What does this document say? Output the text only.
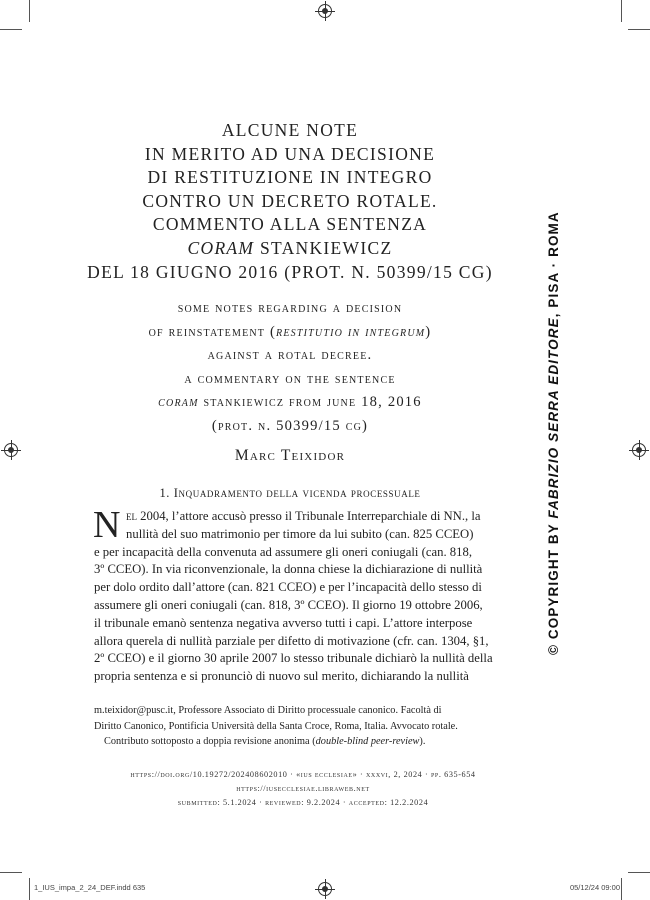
ALCUNE NOTE
IN MERITO AD UNA DECISIONE
DI RESTITUZIONE IN INTEGRO
CONTRO UN DECRETO ROTALE.
COMMENTO ALLA SENTENZA
CORAM STANKIEWICZ
DEL 18 GIUGNO 2016 (PROT. N. 50399/15 CG)
some notes regarding a decision
of reinstatement (restitutio in integrum)
against a rotal decree.
a commentary on the sentence
coram stankiewicz from june 18, 2016
(prot. n. 50399/15 cg)
Marc Teixidor
1. Inquadramento della vicenda processuale
N el 2004, l’attore accusò presso il Tribunale Interreparchiale di NN., la
nullità del suo matrimonio per timore da lui subito (can. 825 CCEO)
e per incapacità della convenuta ad assumere gli oneri coniugali (can. 818,
3º CCEO). In via riconvenzionale, la donna chiese la dichiarazione di nullità
per dolo ordito dall’attore (can. 821 CCEO) e per l’incapacità dello stesso di
assumere gli oneri coniugali (can. 818, 3º CCEO). Il giorno 19 ottobre 2006,
il tribunale emanò sentenza negativa avverso tutti i capi. L’attore interpose
allora querela di nullità parziale per difetto di motivazione (cfr. can. 1304, §1,
2º CCEO) e il giorno 30 aprile 2007 lo stesso tribunale dichiarò la nullità della
propria sentenza e si pronunciò di nuovo sul merito, dichiarando la nullità
m.teixidor@pusc.it, Professore Associato di Diritto processuale canonico. Facoltà di
Diritto Canonico, Pontificia Università della Santa Croce, Roma, Italia. Avvocato rotale.
Contributo sottoposto a doppia revisione anonima (double-blind peer-review).
https://doi.org/10.19272/202408602010 · «ius ecclesiae» · xxxvi, 2, 2024 · pp. 635-654
https://iusecclesiae.libraweb.net
submitted: 5.1.2024 · reviewed: 9.2.2024 · accepted: 12.2.2024
© COPYRIGHT BY FABRIZIO SERRA EDITORE, PISA · ROMA
1_IUS_impa_2_24_DEF.indd 635	05/12/24 09:00
